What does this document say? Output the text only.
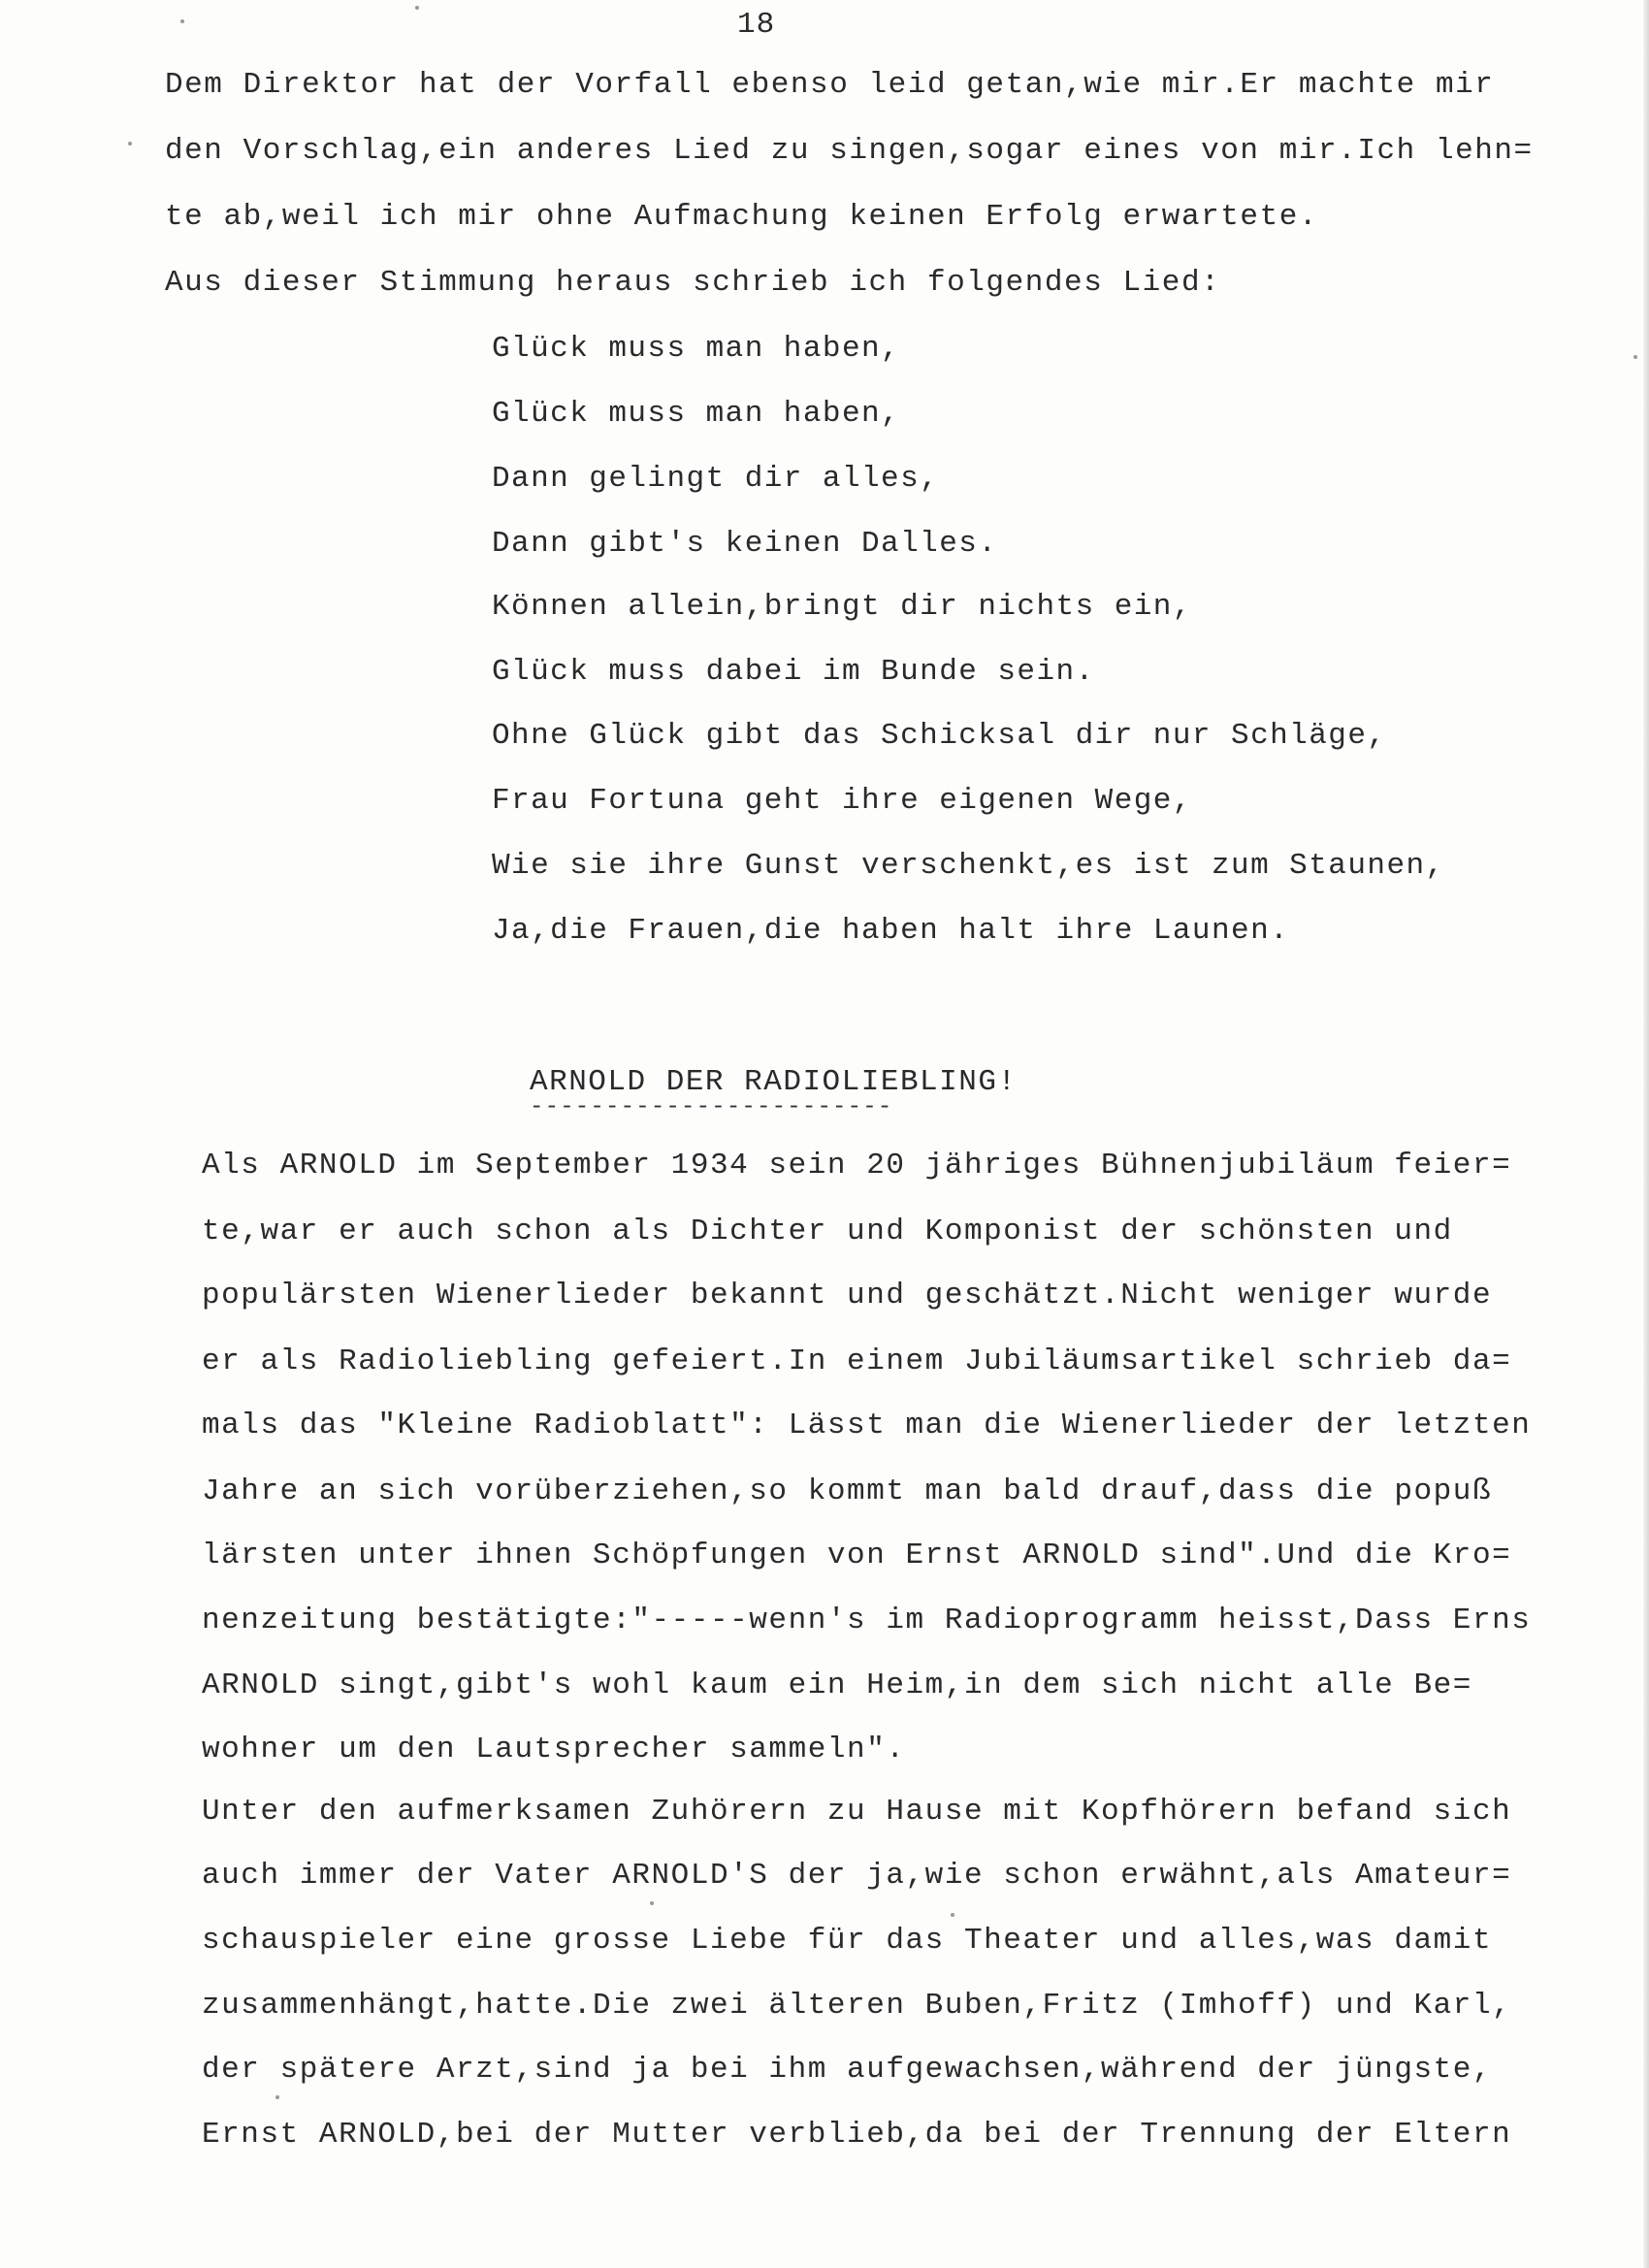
18
Dem Direktor hat der Vorfall ebenso leid getan,wie mir.Er machte mir
den Vorschlag,ein anderes Lied zu singen,sogar eines von mir.Ich lehn=
te ab,weil ich mir ohne Aufmachung keinen Erfolg erwartete.
Aus dieser Stimmung heraus schrieb ich folgendes Lied:
Glück muss man haben,
Glück muss man haben,
Dann gelingt dir alles,
Dann gibt's keinen Dalles.
Können allein,bringt dir nichts ein,
Glück muss dabei im Bunde sein.
Ohne Glück gibt das Schicksal dir nur Schläge,
Frau Fortuna geht ihre eigenen Wege,
Wie sie ihre Gunst verschenkt,es ist zum Staunen,
Ja,die Frauen,die haben halt ihre Launen.
ARNOLD DER RADIOLIEBLING!
------------------------
Als ARNOLD im September 1934 sein 20 jähriges Bühnenjubiläum feier=
te,war er auch schon als Dichter und Komponist der schönsten und
populärsten Wienerlieder bekannt und geschätzt.Nicht weniger wurde
er als Radioliebling gefeiert.In einem Jubiläumsartikel schrieb da=
mals das "Kleine Radioblatt": Lässt man die Wienerlieder der letzten
Jahre an sich vorüberziehen,so kommt man bald drauf,dass die popuß
lärsten unter ihnen Schöpfungen von Ernst ARNOLD sind".Und die Kro=
nenzeitung bestätigte:"-----wenn's im Radioprogramm heisst,Dass Erns
ARNOLD singt,gibt's wohl kaum ein Heim,in dem sich nicht alle Be=
wohner um den Lautsprecher sammeln".
Unter den aufmerksamen Zuhörern zu Hause mit Kopfhörern befand sich
auch immer der Vater ARNOLD'S der ja,wie schon erwähnt,als Amateur=
schauspieler eine grosse Liebe für das Theater und alles,was damit
zusammenhängt,hatte.Die zwei älteren Buben,Fritz (Imhoff) und Karl,
der spätere Arzt,sind ja bei ihm aufgewachsen,während der jüngste,
Ernst ARNOLD,bei der Mutter verblieb,da bei der Trennung der Eltern
